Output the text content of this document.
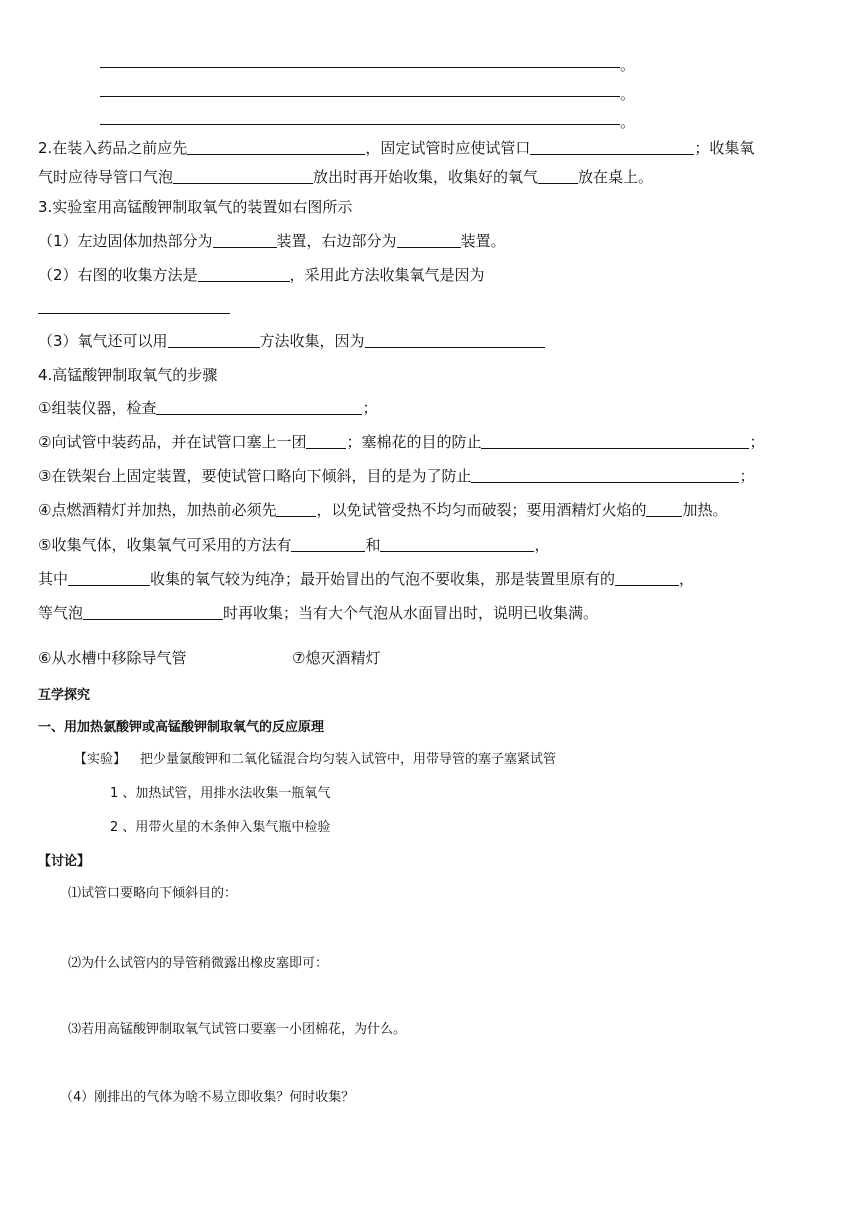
。
。
。
2.在装入药品之前应先	，固定试管时应使试管口	；收集氧
气时应待导管口气泡	放出时再开始收集，收集好的氧气	放在桌上。
3.实验室用高锰酸钾制取氧气的装置如右图所示
（1）左边固体加热部分为	装置，右边部分为	装置。
（2）右图的收集方法是	，采用此方法收集氧气是因为
（3）氧气还可以用	方法收集，因为
4.高锰酸钾制取氧气的步骤
①组装仪器，检查	；
②向试管中装药品，并在试管口塞上一团	；塞棉花的目的防止	；
③在铁架台上固定装置，要使试管口略向下倾斜，目的是为了防止	；
④点燃酒精灯并加热，加热前必须先	，以免试管受热不均匀而破裂；要用酒精灯火焰的 加热。
⑤收集气体，收集氧气可采用的方法有	和	，
其中	收集的氧气较为纯净；最开始冒出的气泡不要收集，那是装置里原有的	，
等气泡	时再收集；当有大个气泡从水面冒出时，说明已收集满。
⑥从水槽中移除导气管	⑦熄灭酒精灯
互学探究
一、用加热氯酸钾或高锰酸钾制取氧气的反应原理
【实验】 把少量氯酸钾和二氧化锰混合均匀装入试管中，用带导管的塞子塞紧试管
1 、加热试管，用排水法收集一瓶氧气
2 、用带火星的木条伸入集气瓶中检验
【讨论】
⑴试管口要略向下倾斜目的：
⑵为什么试管内的导管稍微露出橡皮塞即可：
⑶若用高锰酸钾制取氧气试管口要塞一小团棉花，为什么。
（4）刚排出的气体为啥不易立即收集？何时收集？
